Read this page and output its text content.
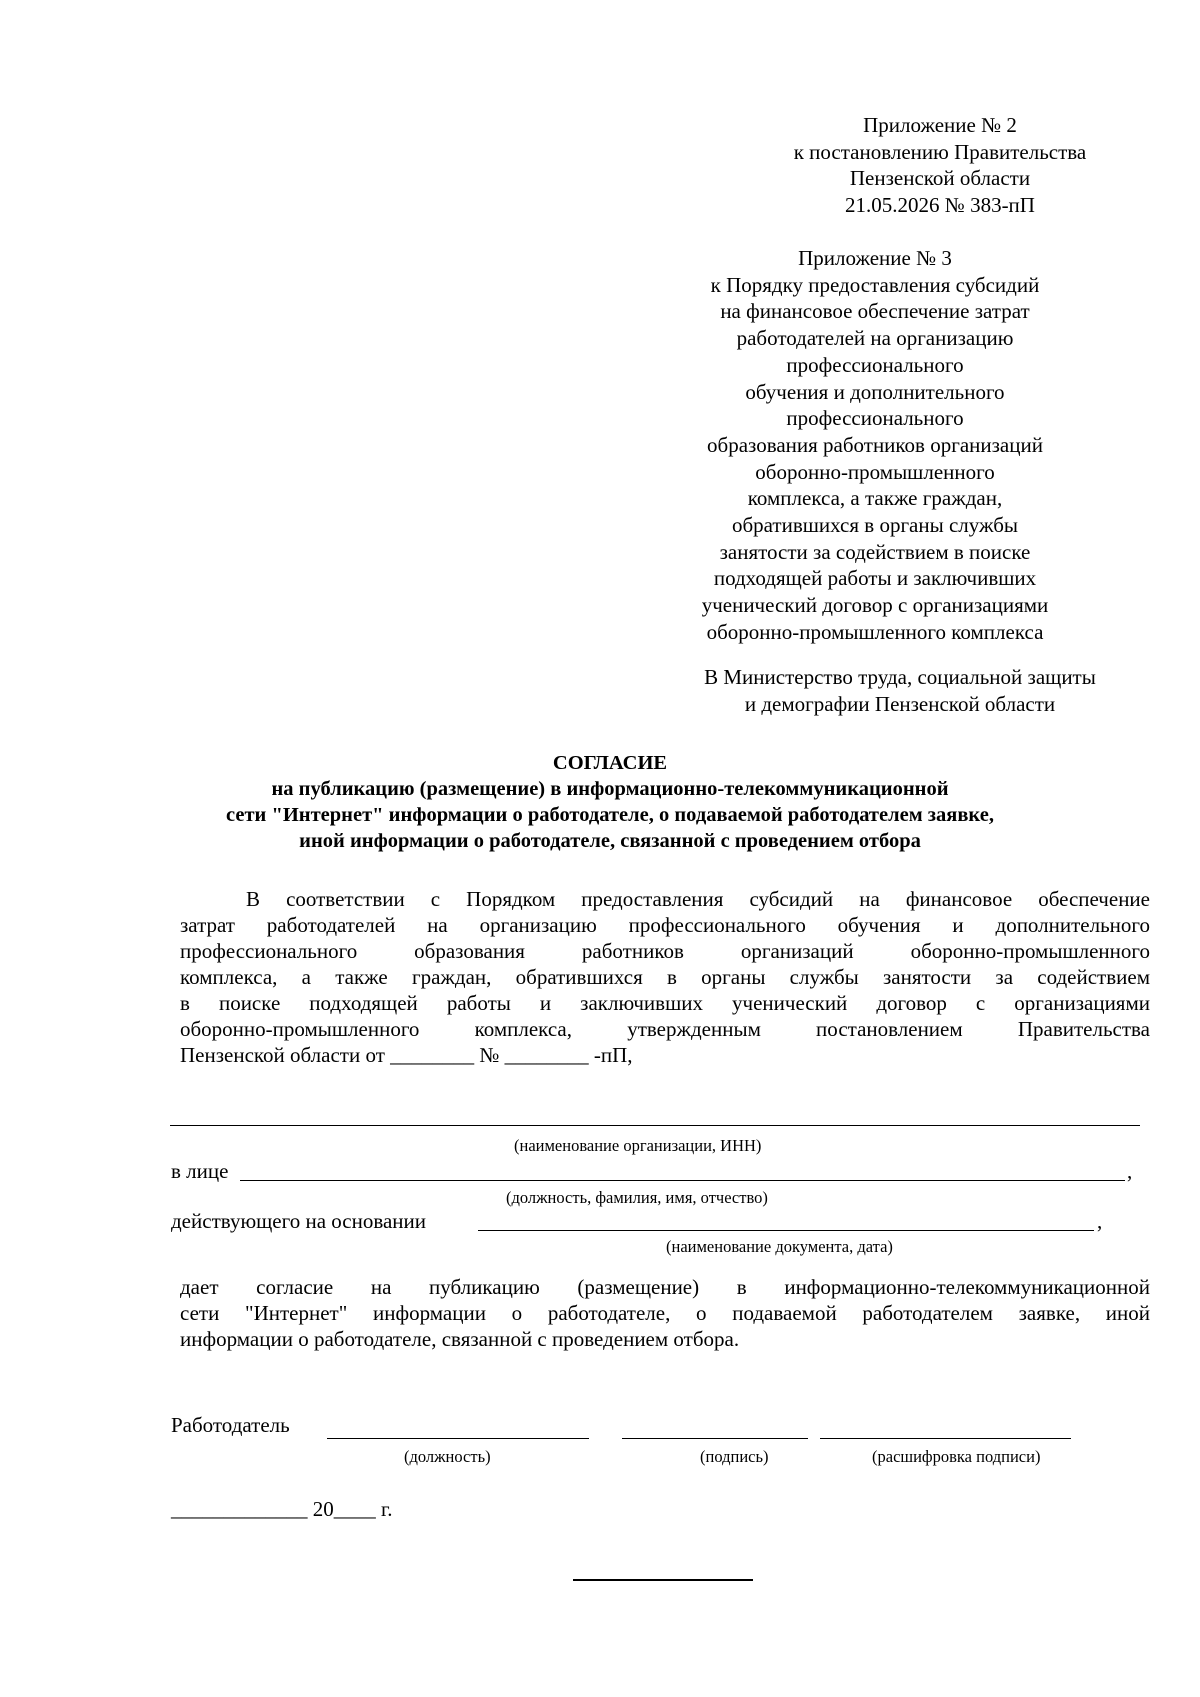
Приложение № 2
к постановлению Правительства
Пензенской области
21.05.2026 № 383-пП
Приложение № 3
к Порядку предоставления субсидий
на финансовое обеспечение затрат
работодателей на организацию
профессионального
обучения и дополнительного
профессионального
образования работников организаций
оборонно-промышленного
комплекса, а также граждан,
обратившихся в органы службы
занятости за содействием в поиске
подходящей работы и заключивших
ученический договор с организациями
оборонно-промышленного комплекса
В Министерство труда, социальной защиты
и демографии Пензенской области
СОГЛАСИЕ
на публикацию (размещение) в информационно-телекоммуникационной
сети "Интернет" информации о работодателе, о подаваемой работодателем заявке,
иной информации о работодателе, связанной с проведением отбора
В соответствии с Порядком предоставления субсидий на финансовое обеспечение
затрат работодателей на организацию профессионального обучения и дополнительного
профессионального образования работников организаций оборонно-промышленного
комплекса, а также граждан, обратившихся в органы службы занятости за содействием
в поиске подходящей работы и заключивших ученический договор с организациями
оборонно-промышленного комплекса, утвержденным постановлением Правительства
Пензенской области от ________ № ________ -пП,
(наименование организации, ИНН)
в лице	,
(должность, фамилия, имя, отчество)
действующего на основании	,
(наименование документа, дата)
дает согласие на публикацию (размещение) в информационно-телекоммуникационной
сети "Интернет" информации о работодателе, о подаваемой работодателем заявке, иной
информации о работодателе, связанной с проведением отбора.
Работодатель
(должность)	(подпись)	(расшифровка подписи)
_____________ 20____ г.
